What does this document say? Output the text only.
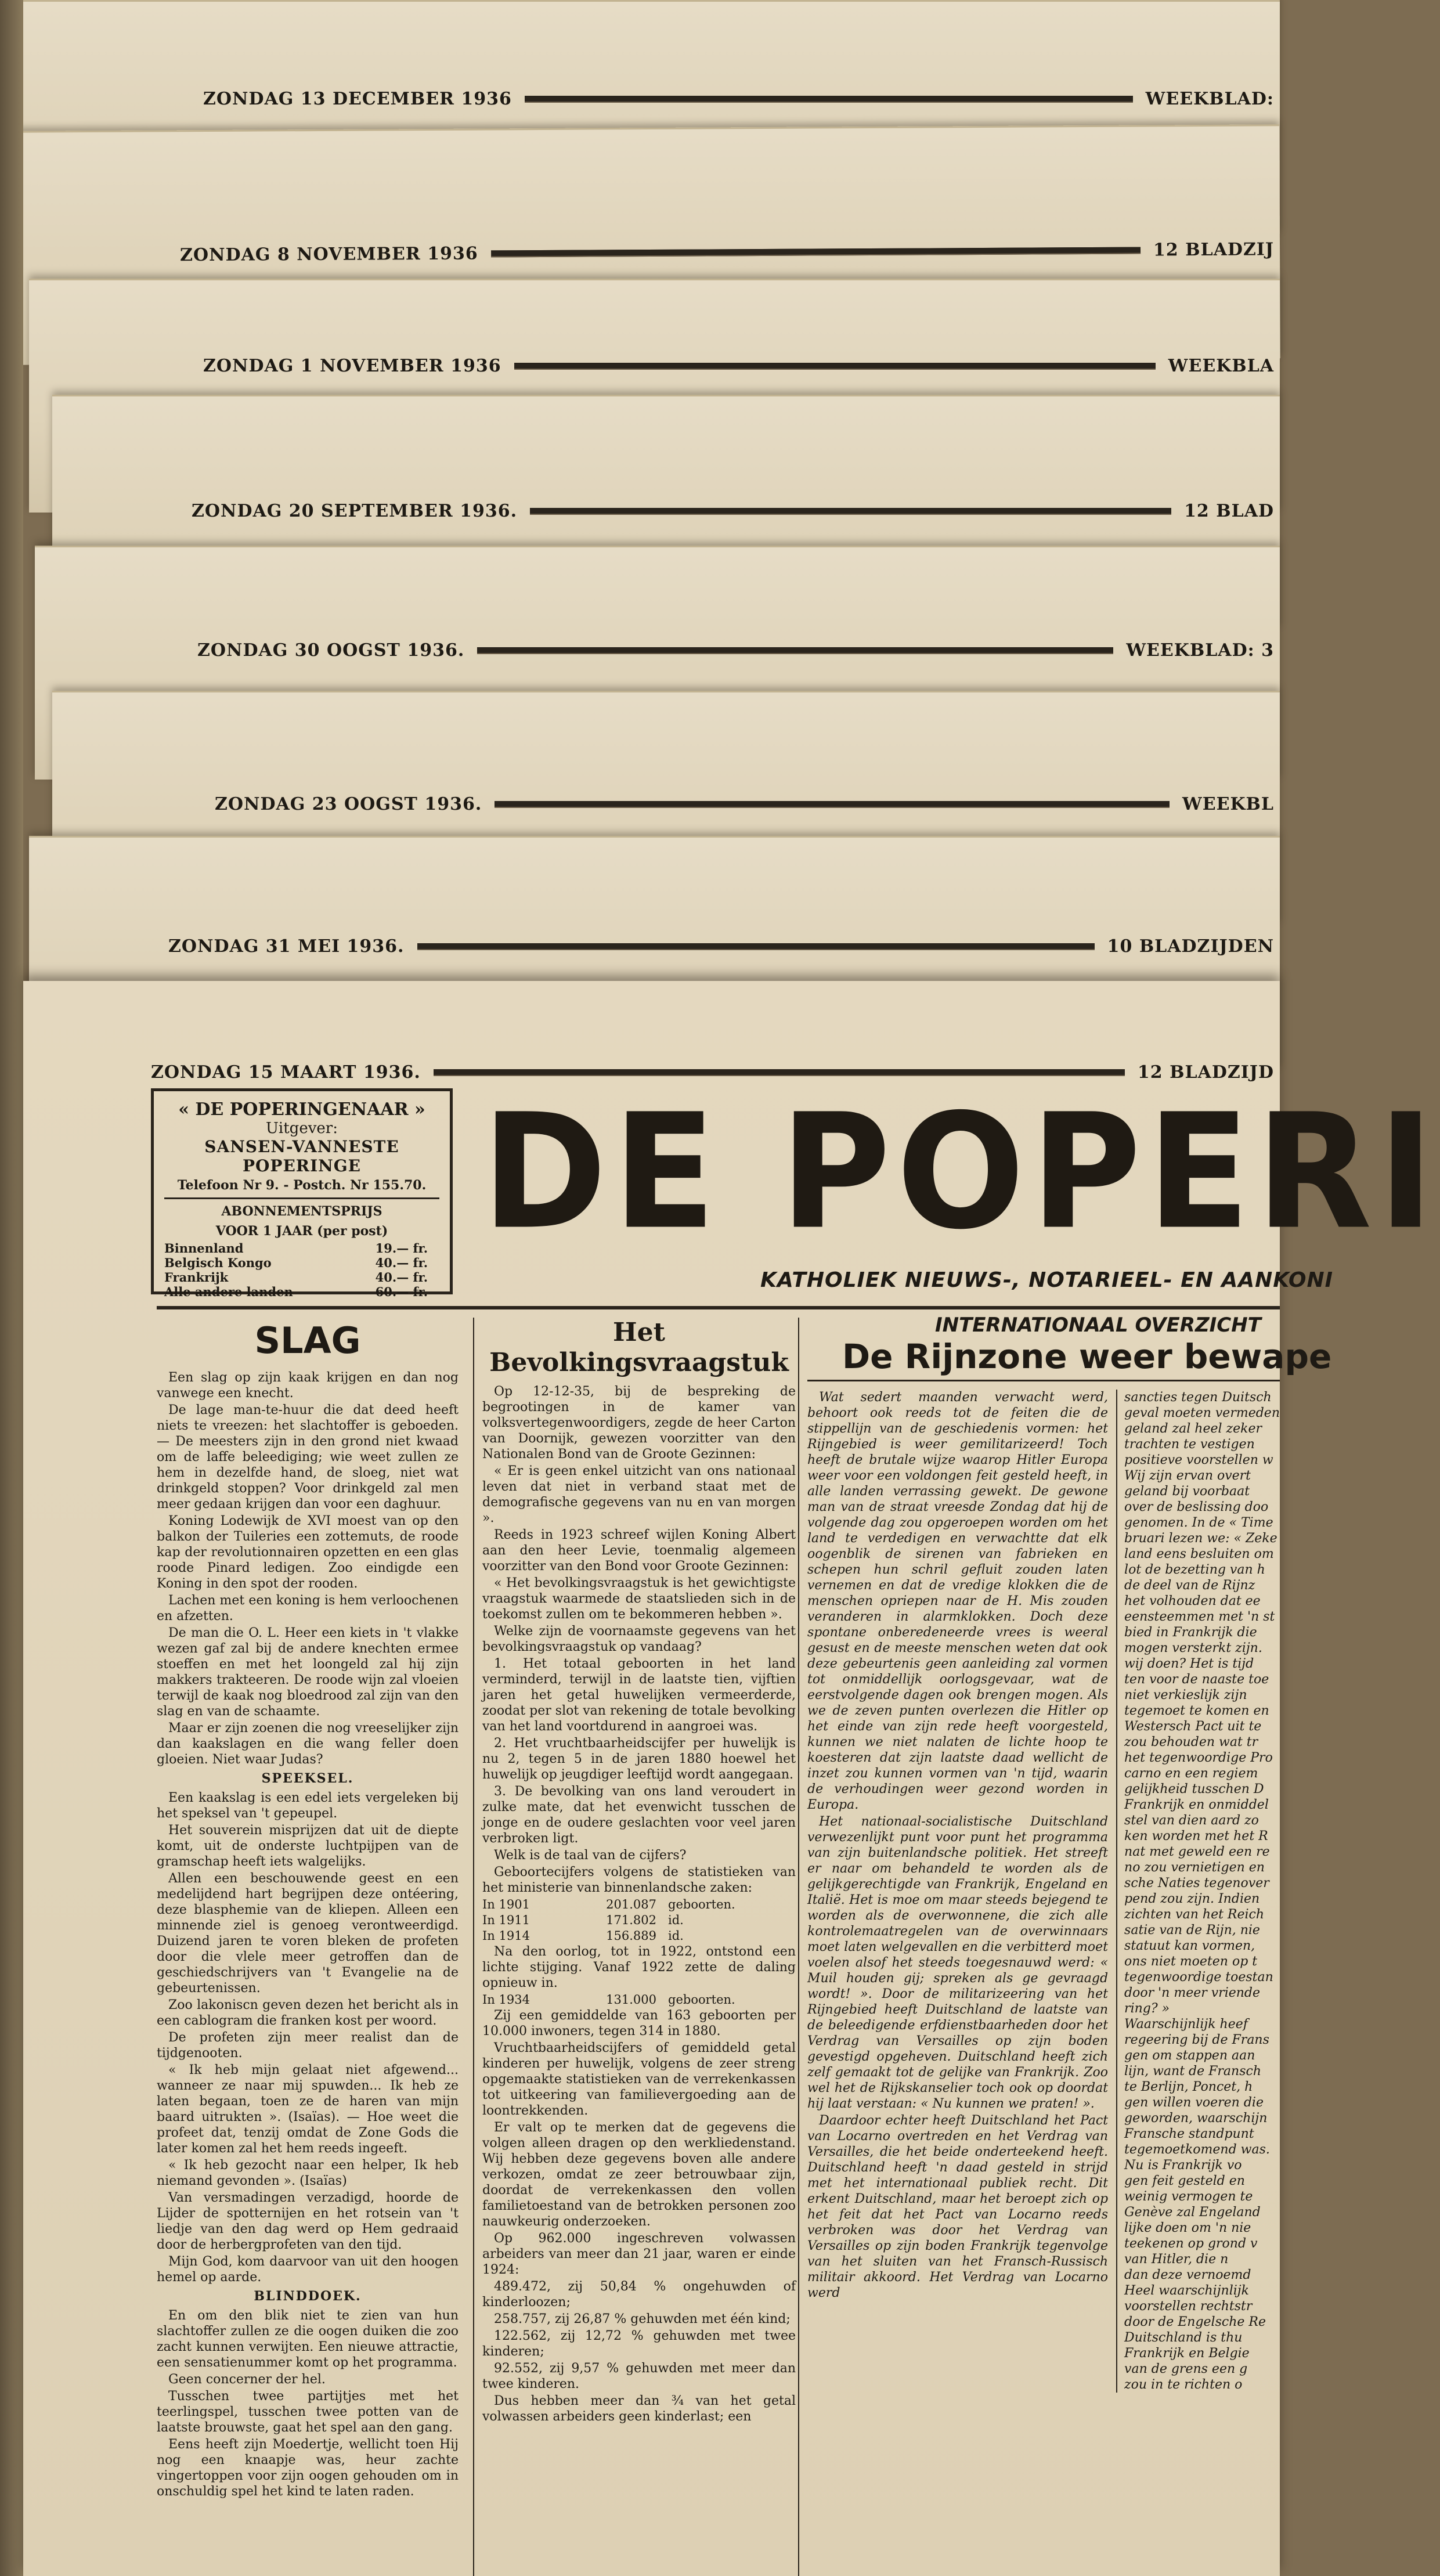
ZONDAG 13 DECEMBER 1936	WEEKBLAD:
ZONDAG 8 NOVEMBER 1936	12 BLADZIJ
ZONDAG 1 NOVEMBER 1936	WEEKBLA
ZONDAG 20 SEPTEMBER 1936.	12 BLAD
ZONDAG 30 OOGST 1936.	WEEKBLAD: 3
ZONDAG 23 OOGST 1936.	WEEKBL
ZONDAG 31 MEI 1936.	10 BLADZIJDEN
ZONDAG 15 MAART 1936.	12 BLADZIJD
« DE POPERINGENAAR »
Uitgever:
SANSEN-VANNESTE
POPERINGE
Telefoon Nr 9. - Postch. Nr 155.70.
ABONNEMENTSPRIJS
VOOR 1 JAAR (per post)
Binnenland	19.— fr.
Belgisch Kongo	40.— fr.
Frankrijk	40.— fr.
Alle andere landen	60.— fr.
DE POPERI
KATHOLIEK NIEUWS-, NOTARIEEL- EN AANKONI
SLAG

Een slag op zijn kaak krijgen en dan nog vanwege een knecht.

De lage man-te-huur die dat deed heeft niets te vreezen: het slachtoffer is geboeden. — De meesters zijn in den grond niet kwaad om de laffe beleediging; wie weet zullen ze hem in dezelfde hand, de sloeg, niet wat drinkgeld stoppen? Voor drinkgeld zal men meer gedaan krijgen dan voor een daghuur.

Koning Lodewijk de XVI moest van op den balkon der Tuileries een zottemuts, de roode kap der revolutionnairen opzetten en een glas roode Pinard ledigen. Zoo eindigde een Koning in den spot der rooden.

Lachen met een koning is hem verloochenen en afzetten.

De man die O. L. Heer een kiets in 't vlakke wezen gaf zal bij de andere knechten ermee stoeffen en met het loongeld zal hij zijn makkers trakteeren. De roode wijn zal vloeien terwijl de kaak nog bloedrood zal zijn van den slag en van de schaamte.

Maar er zijn zoenen die nog vreeselijker zijn dan kaakslagen en die wang feller doen gloeien. Niet waar Judas?

SPEEKSEL.

Een kaakslag is een edel iets vergeleken bij het speksel van 't gepeupel.

Het souverein misprijzen dat uit de diepte komt, uit de onderste luchtpijpen van de gramschap heeft iets walgelijks.

Allen een beschouwende geest en een medelijdend hart begrijpen deze ontéering, deze blasphemie van de kliepen. Alleen een minnende ziel is genoeg verontweerdigd. Duizend jaren te voren bleken de profeten door die vlele meer getroffen dan de geschiedschrijvers van 't Evangelie na de gebeurtenissen.

Zoo lakoniscn geven dezen het bericht als in een cablogram die franken kost per woord.

De profeten zijn meer realist dan de tijdgenooten.

« Ik heb mijn gelaat niet afgewend... wanneer ze naar mij spuwden... Ik heb ze laten begaan, toen ze de haren van mijn baard uitrukten ». (Isaïas). — Hoe weet die profeet dat, tenzij omdat de Zone Gods die later komen zal het hem reeds ingeeft.

« Ik heb gezocht naar een helper, Ik heb niemand gevonden ». (Isaïas)

Van versmadingen verzadigd, hoorde de Lijder de spotternijen en het rotsein van 't liedje van den dag werd op Hem gedraaid door de herbergprofeten van den tijd.

Mijn God, kom daarvoor van uit den hoogen hemel op aarde.

BLINDDOEK.

En om den blik niet te zien van hun slachtoffer zullen ze die oogen duiken die zoo zacht kunnen verwijten. Een nieuwe attractie, een sensatienummer komt op het programma.

Geen concerner der hel.

Tusschen twee partijtjes met het teerlingspel, tusschen twee potten van de laatste brouwste, gaat het spel aan den gang.

Eens heeft zijn Moedertje, wellicht toen Hij nog een knaapje was, heur zachte vingertoppen voor zijn oogen gehouden om in onschuldig spel het kind te laten raden.

Het Bevolkingsvraagstuk

Op 12-12-35, bij de bespreking de begrootingen in de kamer van volksvertegenwoordigers, zegde de heer Carton van Doornijk, gewezen voorzitter van den Nationalen Bond van de Groote Gezinnen:

« Er is geen enkel uitzicht van ons nationaal leven dat niet in verband staat met de demografische gegevens van nu en van morgen ».

Reeds in 1923 schreef wijlen Koning Albert aan den heer Levie, toenmalig algemeen voorzitter van den Bond voor Groote Gezinnen:

« Het bevolkingsvraagstuk is het gewichtigste vraagstuk waarmede de staatslieden sich in de toekomst zullen om te bekommeren hebben ».

Welke zijn de voornaamste gegevens van het bevolkingsvraagstuk op vandaag?

1. Het totaal geboorten in het land verminderd, terwijl in de laatste tien, vijftien jaren het getal huwelijken vermeerderde, zoodat per slot van rekening de totale bevolking van het land voortdurend in aangroei was.

2. Het vruchtbaarheidscijfer per huwelijk is nu 2, tegen 5 in de jaren 1880 hoewel het huwelijk op jeugdiger leeftijd wordt aangegaan.

3. De bevolking van ons land veroudert in zulke mate, dat het evenwicht tusschen de jonge en de oudere geslachten voor veel jaren verbroken ligt.

Welk is de taal van de cijfers?

Geboortecijfers volgens de statistieken van het ministerie van binnenlandsche zaken:

In 1901	201.087 geboorten.
In 1911	171.802 id.
In 1914	156.889 id.

Na den oorlog, tot in 1922, ontstond een lichte stijging. Vanaf 1922 zette de daling opnieuw in.

In 1934	131.000 geboorten.

Zij een gemiddelde van 163 geboorten per 10.000 inwoners, tegen 314 in 1880.

Vruchtbaarheidscijfers of gemiddeld getal kinderen per huwelijk, volgens de zeer streng opgemaakte statistieken van de verrekenkassen tot uitkeering van familievergoeding aan de loontrekkenden.

Er valt op te merken dat de gegevens die volgen alleen dragen op den werkliedenstand. Wij hebben deze gegevens boven alle andere verkozen, omdat ze zeer betrouwbaar zijn, doordat de verrekenkassen den vollen familietoestand van de betrokken personen zoo nauwkeurig onderzoeken.

Op 962.000 ingeschreven volwassen arbeiders van meer dan 21 jaar, waren er einde 1924:

489.472, zij 50,84 % ongehuwden of kinderloozen;

258.757, zij 26,87 % gehuwden met één kind;

122.562, zij 12,72 % gehuwden met twee kinderen;

92.552, zij 9,57 % gehuwden met meer dan twee kinderen.

Dus hebben meer dan ¾ van het getal volwassen arbeiders geen kinderlast; een

INTERNATIONAAL OVERZICHT
De Rijnzone weer bewape

Wat sedert maanden verwacht werd, behoort ook reeds tot de feiten die de stippellijn van de geschiedenis vormen: het Rijngebied is weer gemilitarizeerd! Toch heeft de brutale wijze waarop Hitler Europa weer voor een voldongen feit gesteld heeft, in alle landen verrassing gewekt. De gewone man van de straat vreesde Zondag dat hij de volgende dag zou opgeroepen worden om het land te verdedigen en verwachtte dat elk oogenblik de sirenen van fabrieken en schepen hun schril gefluit zouden laten vernemen en dat de vredige klokken die de menschen opriepen naar de H. Mis zouden veranderen in alarmklokken. Doch deze spontane onberedeneerde vrees is weeral gesust en de meeste menschen weten dat ook deze gebeurtenis geen aanleiding zal vormen tot onmiddellijk oorlogsgevaar, wat de eerstvolgende dagen ook brengen mogen. Als we de zeven punten overlezen die Hitler op het einde van zijn rede heeft voorgesteld, kunnen we niet nalaten de lichte hoop te koesteren dat zijn laatste daad wellicht de inzet zou kunnen vormen van 'n tijd, waarin de verhoudingen weer gezond worden in Europa.

Het nationaal-socialistische Duitschland verwezenlijkt punt voor punt het programma van zijn buitenlandsche politiek. Het streeft er naar om behandeld te worden als de gelijkgerechtigde van Frankrijk, Engeland en Italië. Het is moe om maar steeds bejegend te worden als de overwonnene, die zich alle kontrolemaatregelen van de overwinnaars moet laten welgevallen en die verbitterd moet voelen alsof het steeds toegesnauwd werd: « Muil houden gij; spreken als ge gevraagd wordt! ». Door de militarizeering van het Rijngebied heeft Duitschland de laatste van de beleedigende erfdienstbaarheden door het Verdrag van Versailles op zijn boden gevestigd opgeheven. Duitschland heeft zich zelf gemaakt tot de gelijke van Frankrijk. Zoo wel het de Rijkskanselier toch ook op doordat hij laat verstaan: « Nu kunnen we praten! ».

Daardoor echter heeft Duitschland het Pact van Locarno overtreden en het Verdrag van Versailles, die het beide onderteekend heeft. Duitschland heeft 'n daad gesteld in strijd met het internationaal publiek recht. Dit erkent Duitschland, maar het beroept zich op het feit dat het Pact van Locarno reeds verbroken was door het Verdrag van Versailles op zijn boden Frankrijk tegenvolge van het sluiten van het Fransch-Russisch militair akkoord. Het Verdrag van Locarno werd

sancties tegen Duitsch
geval moeten vermeden
geland zal heel zeker
trachten te vestigen
positieve voorstellen w
Wij zijn ervan overt
geland bij voorbaat
over de beslissing doo
genomen. In de « Time
bruari lezen we: « Zeke
land eens besluiten om
lot de bezetting van h
de deel van de Rijnz
het volhouden dat ee
eensteemmen met 'n st
bied in Frankrijk die
mogen versterkt zijn.
wij doen? Het is tijd
ten voor de naaste toe
niet verkieslijk zijn
tegemoet te komen en
Westersch Pact uit te
zou behouden wat tr
het tegenwoordige Pro
carno en een regiem
gelijkheid tusschen D
Frankrijk en onmiddel
stel van dien aard zo
ken worden met het R
nat met geweld een re
no zou vernietigen en
sche Naties tegenover
pend zou zijn. Indien
zichten van het Reich
satie van de Rijn, nie
statuut kan vormen,
ons niet moeten op t
tegenwoordige toestan
door 'n meer vriende
ring? »
Waarschijnlijk heef
regeering bij de Frans
gen om stappen aan
lijn, want de Fransch
te Berlijn, Poncet, h
gen willen voeren die
geworden, waarschijn
Fransche standpunt
tegemoetkomend was.
Nu is Frankrijk vo
gen feit gesteld en
weinig vermogen te
Genève zal Engeland
lijke doen om 'n nie
teekenen op grond v
van Hitler, die n
dan deze vernoemd
Heel waarschijnlijk
voorstellen rechtstr
door de Engelsche Re
Duitschland is thu
Frankrijk en Belgie
van de grens een g
zou in te richten o
